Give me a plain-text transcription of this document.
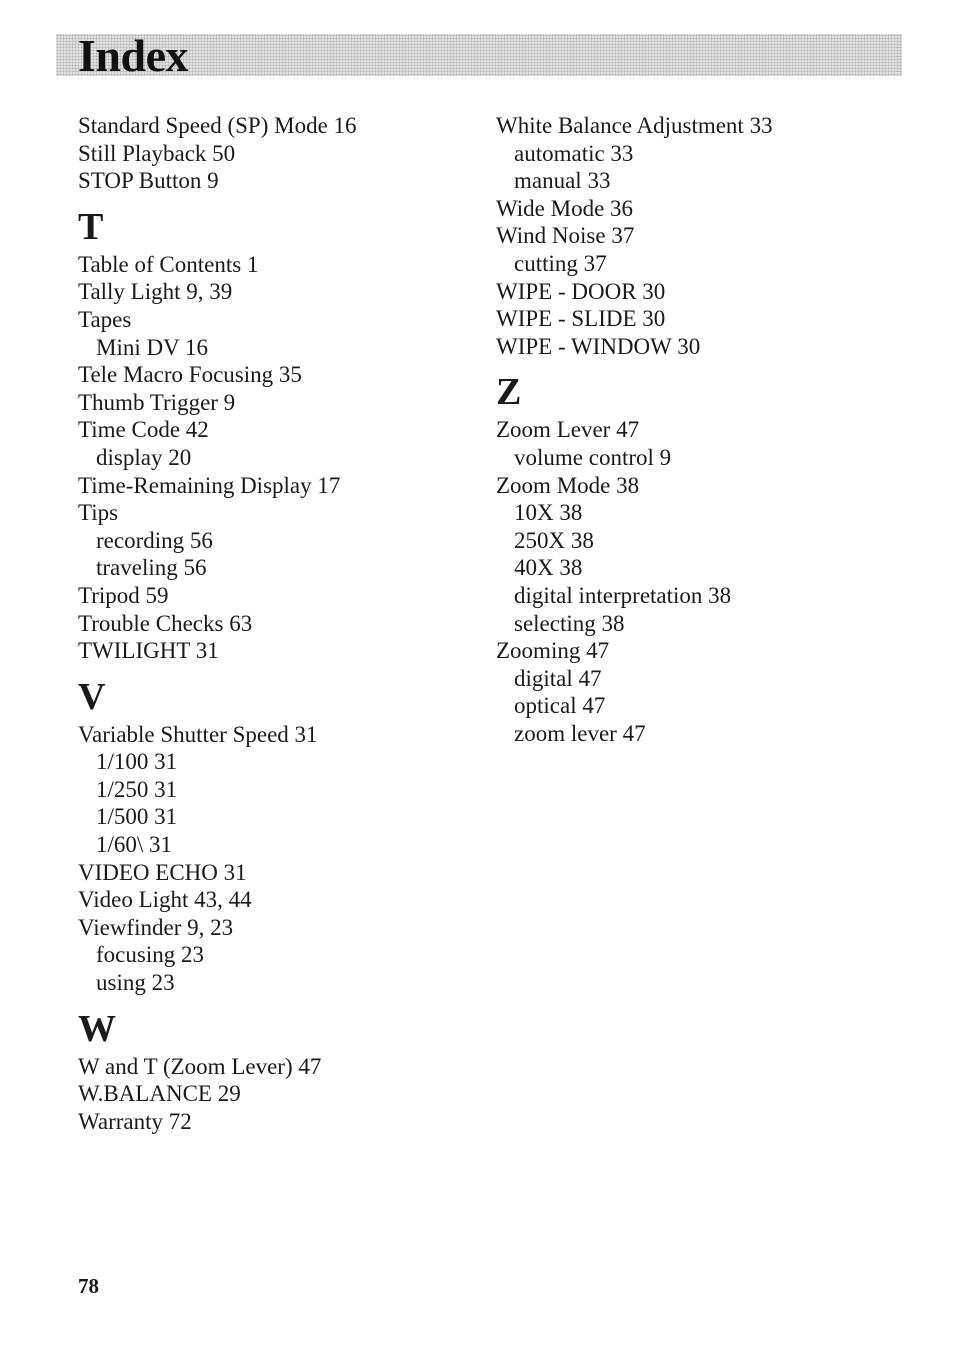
Index
Standard Speed (SP) Mode 16
Still Playback 50
STOP Button 9
T
Table of Contents 1
Tally Light 9, 39
Tapes
Mini DV 16
Tele Macro Focusing 35
Thumb Trigger 9
Time Code 42
display 20
Time-Remaining Display 17
Tips
recording 56
traveling 56
Tripod 59
Trouble Checks 63
TWILIGHT 31
V
Variable Shutter Speed 31
1/100 31
1/250 31
1/500 31
1/60\ 31
VIDEO ECHO 31
Video Light 43, 44
Viewfinder 9, 23
focusing 23
using 23
W
W and T (Zoom Lever) 47
W.BALANCE 29
Warranty 72
White Balance Adjustment 33
automatic 33
manual 33
Wide Mode 36
Wind Noise 37
cutting 37
WIPE - DOOR 30
WIPE - SLIDE 30
WIPE - WINDOW 30
Z
Zoom Lever 47
volume control 9
Zoom Mode 38
10X 38
250X 38
40X 38
digital interpretation 38
selecting 38
Zooming 47
digital 47
optical 47
zoom lever 47
78
